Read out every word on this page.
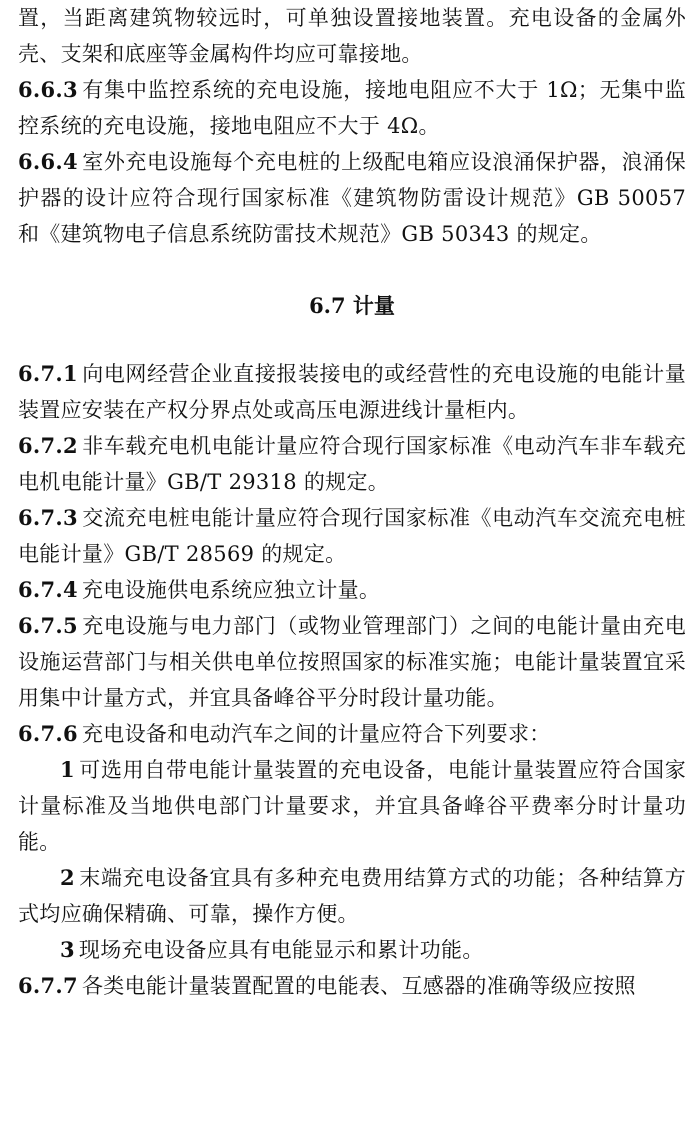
置，当距离建筑物较远时，可单独设置接地装置。充电设备的金属外壳、支架和底座等金属构件均应可靠接地。

6.6.3 有集中监控系统的充电设施，接地电阻应不大于 1Ω；无集中监控系统的充电设施，接地电阻应不大于 4Ω。

6.6.4 室外充电设施每个充电桩的上级配电箱应设浪涌保护器，浪涌保护器的设计应符合现行国家标准《建筑物防雷设计规范》GB 50057 和《建筑物电子信息系统防雷技术规范》GB 50343 的规定。

6.7 计量

6.7.1 向电网经营企业直接报装接电的或经营性的充电设施的电能计量装置应安装在产权分界点处或高压电源进线计量柜内。

6.7.2 非车载充电机电能计量应符合现行国家标准《电动汽车非车载充电机电能计量》GB/T 29318 的规定。

6.7.3 交流充电桩电能计量应符合现行国家标准《电动汽车交流充电桩电能计量》GB/T 28569 的规定。

6.7.4 充电设施供电系统应独立计量。

6.7.5 充电设施与电力部门（或物业管理部门）之间的电能计量由充电设施运营部门与相关供电单位按照国家的标准实施；电能计量装置宜采用集中计量方式，并宜具备峰谷平分时段计量功能。

6.7.6 充电设备和电动汽车之间的计量应符合下列要求：

1 可选用自带电能计量装置的充电设备，电能计量装置应符合国家计量标准及当地供电部门计量要求，并宜具备峰谷平费率分时计量功能。

2 末端充电设备宜具有多种充电费用结算方式的功能；各种结算方式均应确保精确、可靠，操作方便。

3 现场充电设备应具有电能显示和累计功能。

6.7.7 各类电能计量装置配置的电能表、互感器的准确等级应按照
